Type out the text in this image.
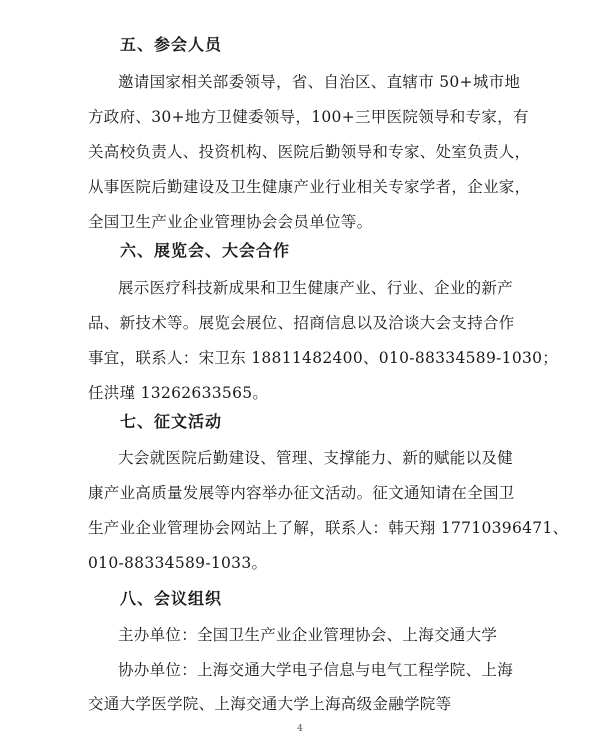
五、参会人员
邀请国家相关部委领导，省、自治区、直辖市 50+城市地
方政府、30+地方卫健委领导，100+三甲医院领导和专家，有
关高校负责人、投资机构、医院后勤领导和专家、处室负责人，
从事医院后勤建设及卫生健康产业行业相关专家学者，企业家，
全国卫生产业企业管理协会会员单位等。
六、展览会、大会合作
展示医疗科技新成果和卫生健康产业、行业、企业的新产
品、新技术等。展览会展位、招商信息以及洽谈大会支持合作
事宜，联系人：宋卫东 18811482400、010-88334589-1030；
任洪瑾 13262633565。
七、征文活动
大会就医院后勤建设、管理、支撑能力、新的赋能以及健
康产业高质量发展等内容举办征文活动。征文通知请在全国卫
生产业企业管理协会网站上了解，联系人：韩天翔 17710396471、
010-88334589-1033。
八、会议组织
主办单位：全国卫生产业企业管理协会、上海交通大学
协办单位：上海交通大学电子信息与电气工程学院、上海
交通大学医学院、上海交通大学上海高级金融学院等
4
